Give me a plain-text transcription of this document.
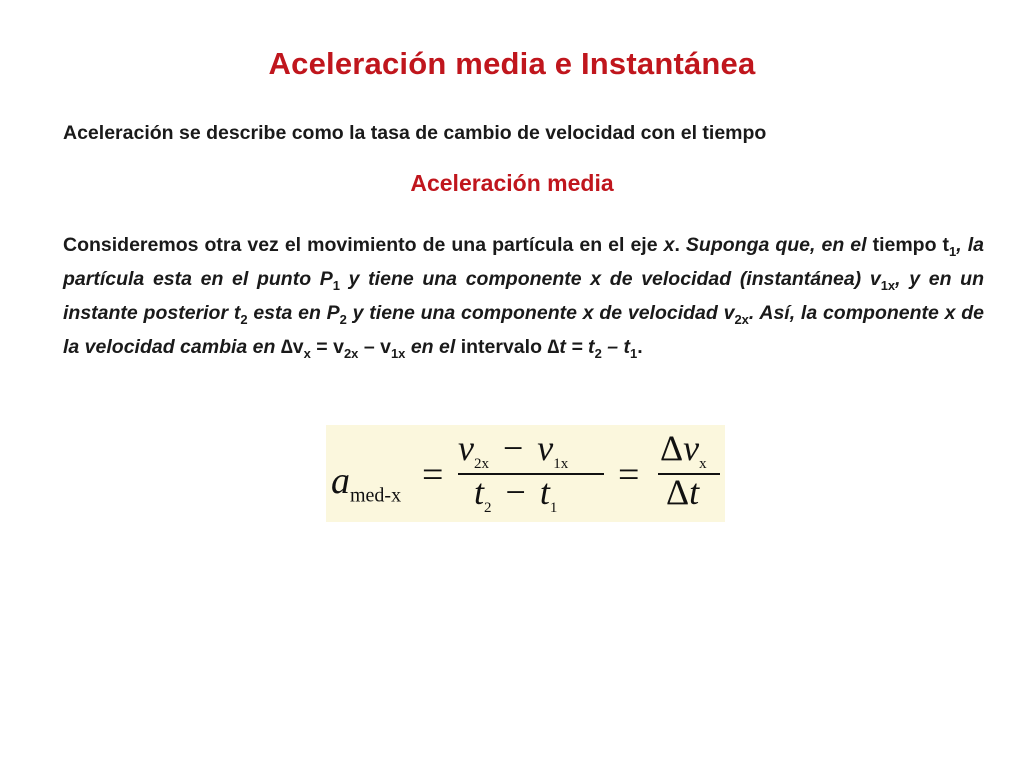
Aceleración media e Instantánea
Aceleración se describe como la tasa de cambio de velocidad con el tiempo
Aceleración media
Consideremos otra vez el movimiento de una partícula en el eje x. Suponga que, en el tiempo $t_1$, la partícula esta en el punto $P_1$ y tiene una componente x de velocidad (instantánea) $v_{1x}$, y en un instante posterior $t_2$ esta en $P_2$ y tiene una componente x de velocidad $v_{2x}$. Así, la componente x de la velocidad cambia en $\Delta v_x = v_{2x} - v_{1x}$ en el intervalo $\Delta t = t_2 - t_1$.
$a_{med-x}$ =
$v_{2x} - v_{1x}$
$t_2 - t_1$
=
$\Delta v_x$
Δt
